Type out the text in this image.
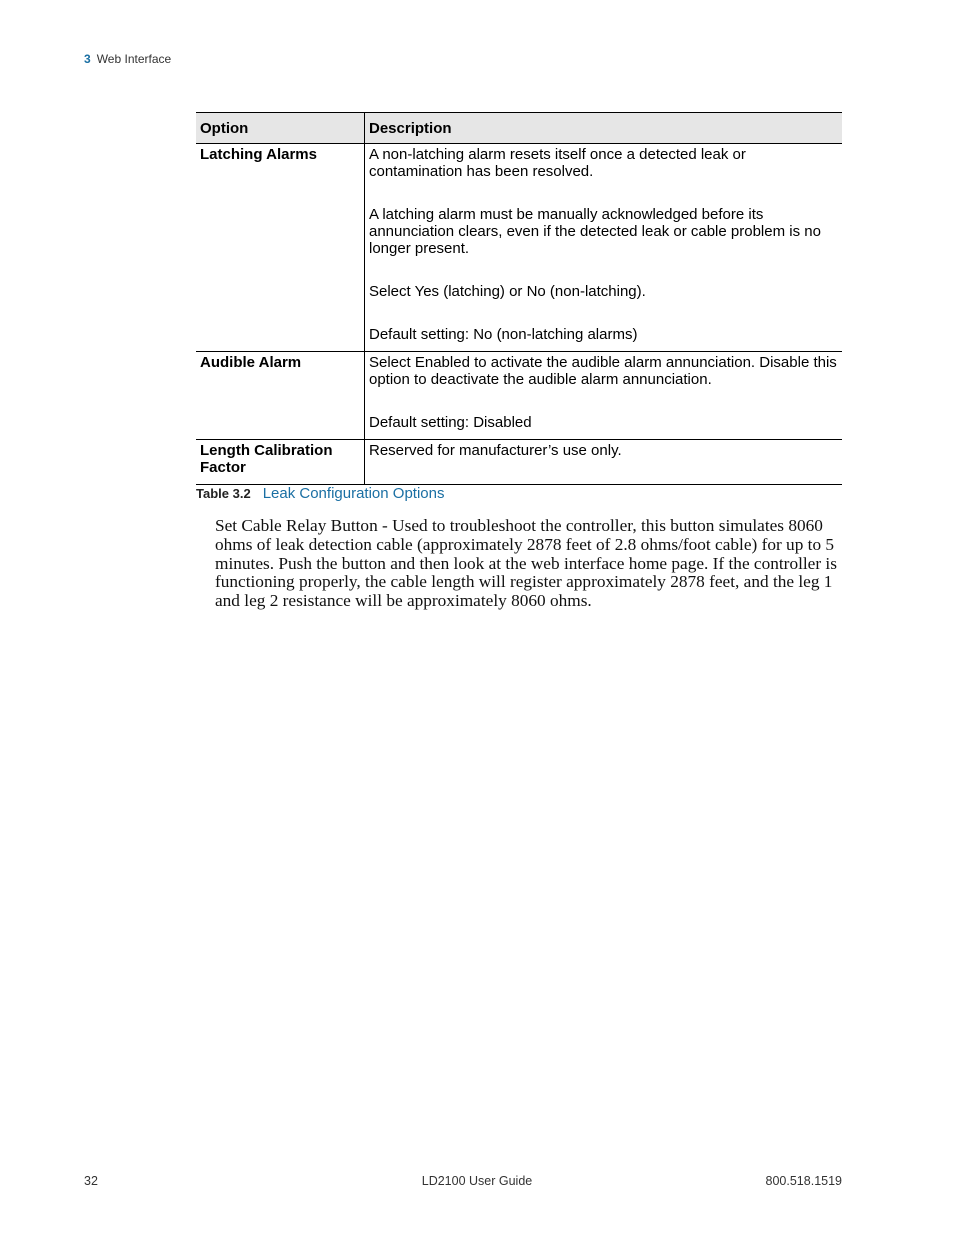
3 Web Interface
Option	Description
Latching Alarms	A non-latching alarm resets itself once a detected leak or contamination has been resolved.

A latching alarm must be manually acknowledged before its annunciation clears, even if the detected leak or cable problem is no longer present.

Select Yes (latching) or No (non-latching).

Default setting: No (non-latching alarms)

Audible Alarm	Select Enabled to activate the audible alarm annunciation. Disable this option to deactivate the audible alarm annunciation.

Default setting: Disabled

Length Calibration Factor	Reserved for manufacturer’s use only.

Table 3.2 Leak Configuration Options

Set Cable Relay Button - Used to troubleshoot the controller, this button simulates 8060 ohms of leak detection cable (approximately 2878 feet of 2.8 ohms/foot cable) for up to 5 minutes. Push the button and then look at the web interface home page. If the controller is functioning properly, the cable length will register approximately 2878 feet, and the leg 1 and leg 2 resistance will be approximately 8060 ohms.

32	LD2100 User Guide	800.518.1519
